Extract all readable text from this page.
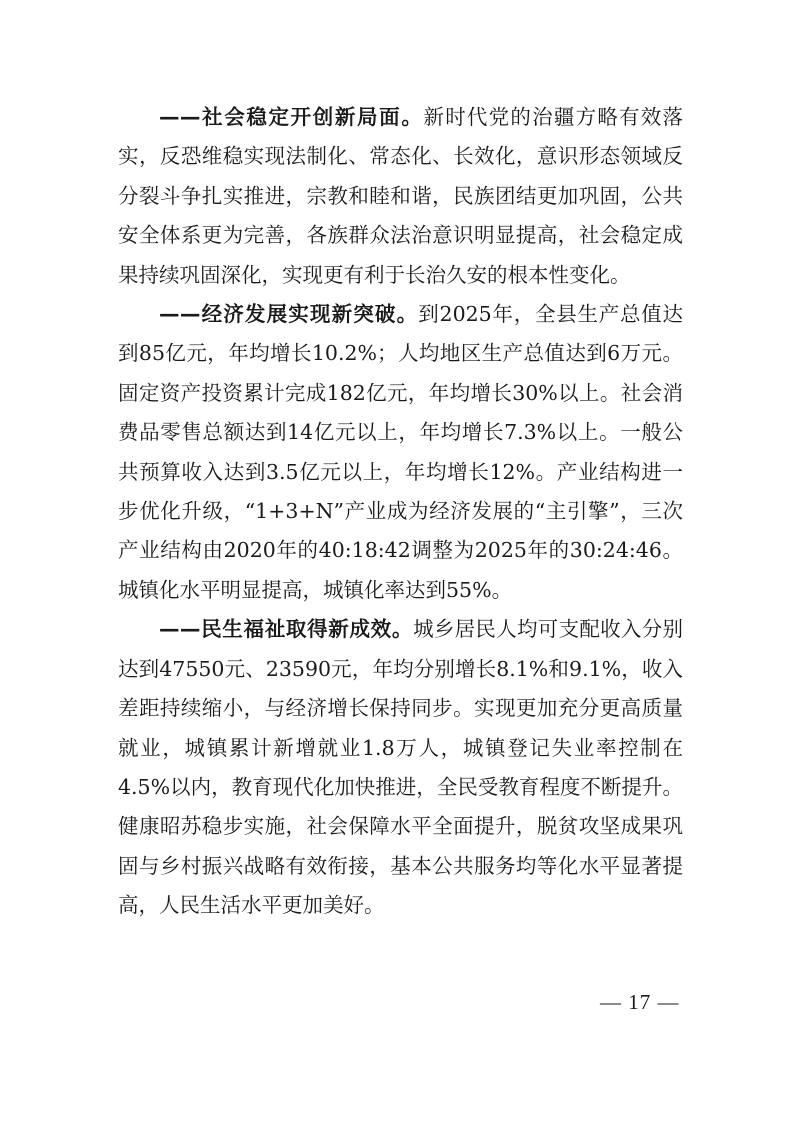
——社会稳定开创新局面。新时代党的治疆方略有效落实，反恐维稳实现法制化、常态化、长效化，意识形态领域反分裂斗争扎实推进，宗教和睦和谐，民族团结更加巩固，公共安全体系更为完善，各族群众法治意识明显提高，社会稳定成果持续巩固深化，实现更有利于长治久安的根本性变化。

——经济发展实现新突破。到2025年，全县生产总值达到85亿元，年均增长10.2%；人均地区生产总值达到6万元。固定资产投资累计完成182亿元，年均增长30%以上。社会消费品零售总额达到14亿元以上，年均增长7.3%以上。一般公共预算收入达到3.5亿元以上，年均增长12%。产业结构进一步优化升级，“1+3+N”产业成为经济发展的“主引擎”，三次产业结构由2020年的40:18:42调整为2025年的30:24:46。城镇化水平明显提高，城镇化率达到55%。

——民生福祉取得新成效。城乡居民人均可支配收入分别达到47550元、23590元，年均分别增长8.1%和9.1%，收入差距持续缩小，与经济增长保持同步。实现更加充分更高质量就业，城镇累计新增就业1.8万人，城镇登记失业率控制在4.5%以内，教育现代化加快推进，全民受教育程度不断提升。健康昭苏稳步实施，社会保障水平全面提升，脱贫攻坚成果巩固与乡村振兴战略有效衔接，基本公共服务均等化水平显著提高，人民生活水平更加美好。

— 17 —
